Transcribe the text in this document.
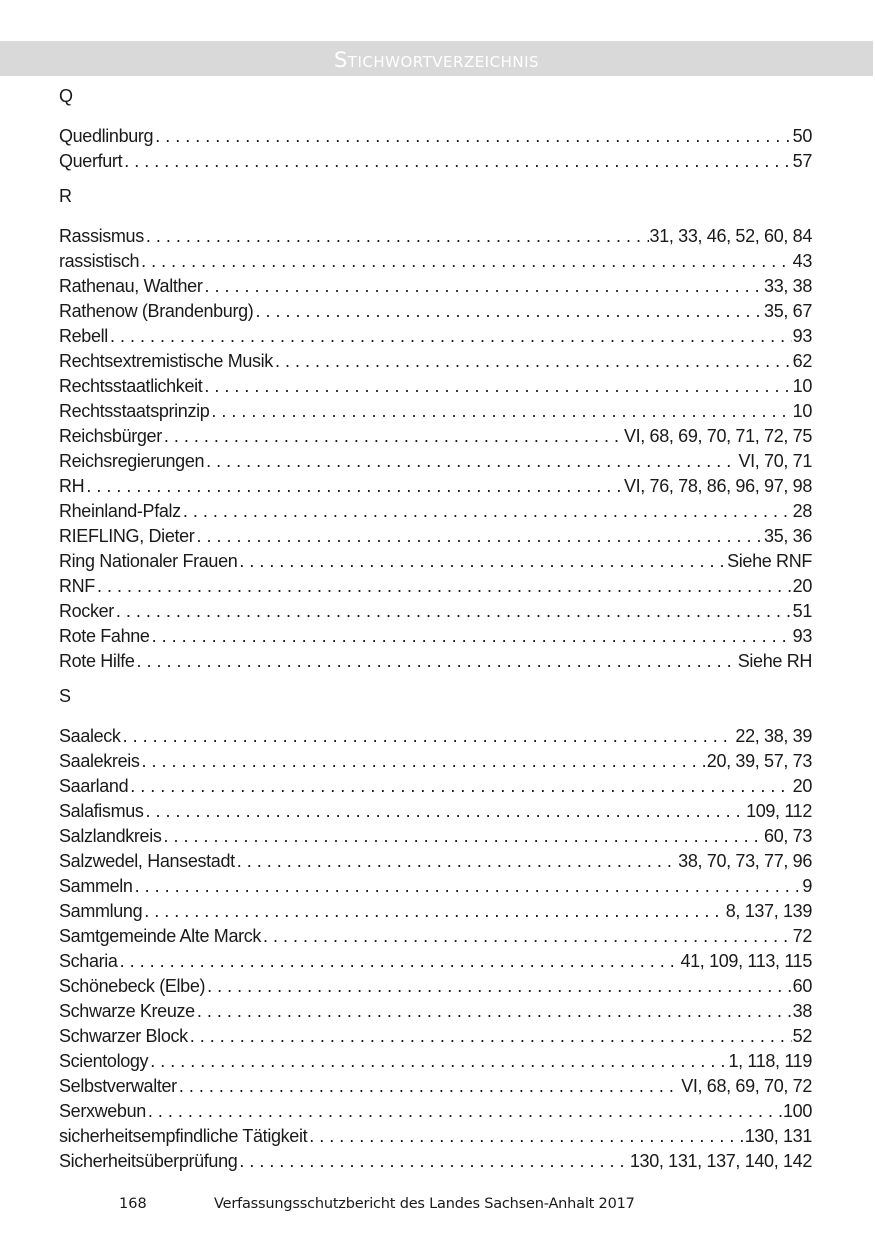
Stichwortverzeichnis
Q
Quedlinburg . . .	50
Querfurt . . .	57
R
Rassismus . . .	31, 33, 46, 52, 60, 84
rassistisch . . .	43
Rathenau, Walther . . .	33, 38
Rathenow (Brandenburg) . . .	35, 67
Rebell . . .	93
Rechtsextremistische Musik . . .	62
Rechtsstaatlichkeit . . .	10
Rechtsstaatsprinzip . . .	10
Reichsbürger . . .	VI, 68, 69, 70, 71, 72, 75
Reichsregierungen . . .	VI, 70, 71
RH . . .	VI, 76, 78, 86, 96, 97, 98
Rheinland-Pfalz . . .	28
RIEFLING, Dieter . . .	35, 36
Ring Nationaler Frauen . . .	Siehe RNF
RNF . . .	20
Rocker . . .	51
Rote Fahne . . .	93
Rote Hilfe . . .	Siehe RH
S
Saaleck . . .	22, 38, 39
Saalekreis . . .	20, 39, 57, 73
Saarland . . .	20
Salafismus . . .	109, 112
Salzlandkreis . . .	60, 73
Salzwedel, Hansestadt . . .	38, 70, 73, 77, 96
Sammeln . . .	9
Sammlung . . .	8, 137, 139
Samtgemeinde Alte Marck . . .	72
Scharia . . .	41, 109, 113, 115
Schönebeck (Elbe) . . .	60
Schwarze Kreuze . . .	38
Schwarzer Block . . .	52
Scientology . . .	1, 118, 119
Selbstverwalter . . .	VI, 68, 69, 70, 72
Serxwebun . . .	100
sicherheitsempfindliche Tätigkeit . . .	130, 131
Sicherheitsüberprüfung . . .	130, 131, 137, 140, 142
168	Verfassungsschutzbericht des Landes Sachsen-Anhalt 2017
